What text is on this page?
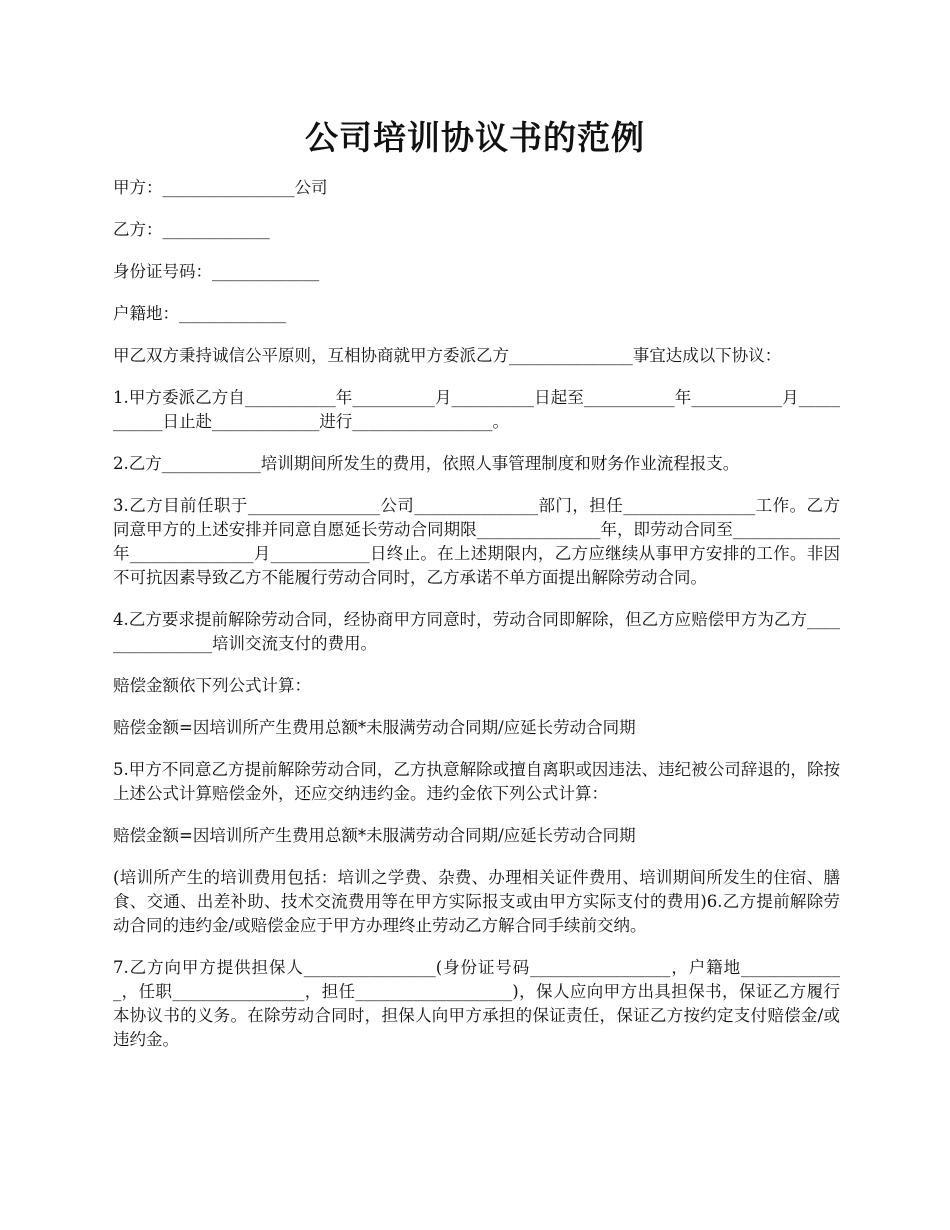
公司培训协议书的范例

甲方：________________公司

乙方：_____________

身份证号码：_____________

户籍地：_____________

甲乙双方秉持诚信公平原则，互相协商就甲方委派乙方_______________事宜达成以下协议：

1.甲方委派乙方自___________年__________月__________日起至___________年___________月___________日止赴_____________进行_________________。

2.乙方____________培训期间所发生的费用，依照人事管理制度和财务作业流程报支。

3.乙方目前任职于________________公司_______________部门，担任________________工作。乙方同意甲方的上述安排并同意自愿延长劳动合同期限_______________年，即劳动合同至_____________年_______________月____________日终止。在上述期限内，乙方应继续从事甲方安排的工作。非因不可抗因素导致乙方不能履行劳动合同时，乙方承诺不单方面提出解除劳动合同。

4.乙方要求提前解除劳动合同，经协商甲方同意时，劳动合同即解除，但乙方应赔偿甲方为乙方________________培训交流支付的费用。

赔偿金额依下列公式计算：

赔偿金额=因培训所产生费用总额*未服满劳动合同期/应延长劳动合同期

5.甲方不同意乙方提前解除劳动合同，乙方执意解除或擅自离职或因违法、违纪被公司辞退的，除按上述公式计算赔偿金外，还应交纳违约金。违约金依下列公式计算：

赔偿金额=因培训所产生费用总额*未服满劳动合同期/应延长劳动合同期

(培训所产生的培训费用包括：培训之学费、杂费、办理相关证件费用、培训期间所发生的住宿、膳食、交通、出差补助、技术交流费用等在甲方实际报支或由甲方实际支付的费用)6.乙方提前解除劳动合同的违约金/或赔偿金应于甲方办理终止劳动乙方解合同手续前交纳。

7.乙方向甲方提供担保人________________(身份证号码_________________，户籍地_____________，任职________________，担任___________________)，保人应向甲方出具担保书，保证乙方履行本协议书的义务。在除劳动合同时，担保人向甲方承担的保证责任，保证乙方按约定支付赔偿金/或违约金。
